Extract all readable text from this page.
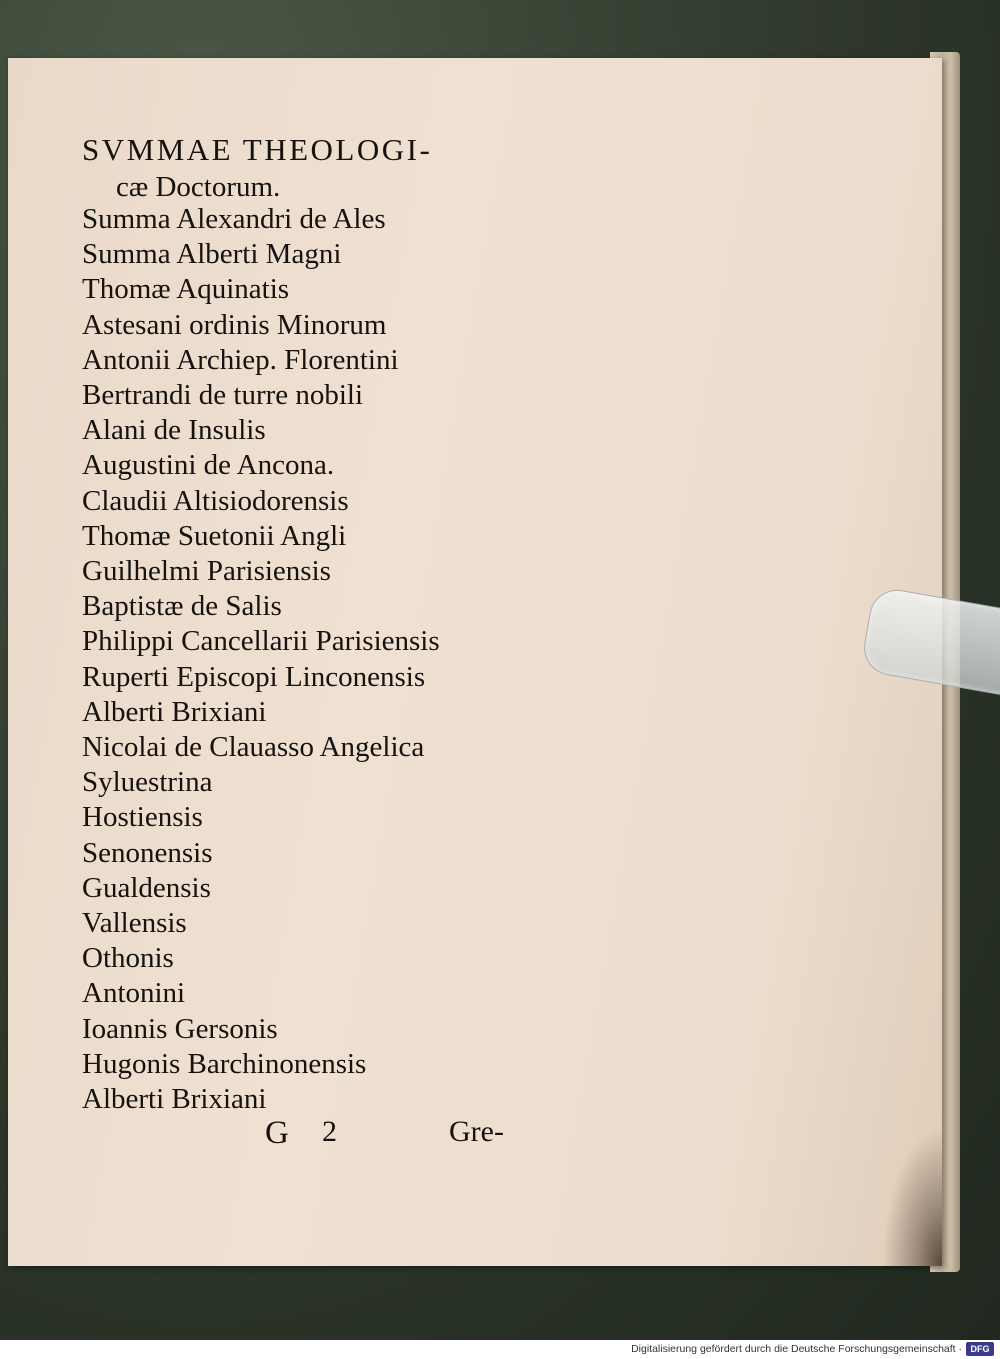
SVMMAE THEOLOGI-
cæ Doctorum.
Summa Alexandri de Ales
Summa Alberti Magni
Thomæ Aquinatis
Astesani ordinis Minorum
Antonii Archiep. Florentini
Bertrandi de turre nobili
Alani de Insulis
Augustini de Ancona.
Claudii Altisiodorensis
Thomæ Suetonii Angli
Guilhelmi Parisiensis
Baptistæ de Salis
Philippi Cancellarii Parisiensis
Ruperti Episcopi Linconensis
Alberti Brixiani
Nicolai de Clauasso Angelica
Syluestrina
Hostiensis
Senonensis
Gualdensis
Vallensis
Othonis
Antonini
Ioannis Gersonis
Hugonis Barchinonensis
Alberti Brixiani
G 2	Gre-
Digitalisierung gefördert durch die Deutsche Forschungsgemeinschaft · DFG
